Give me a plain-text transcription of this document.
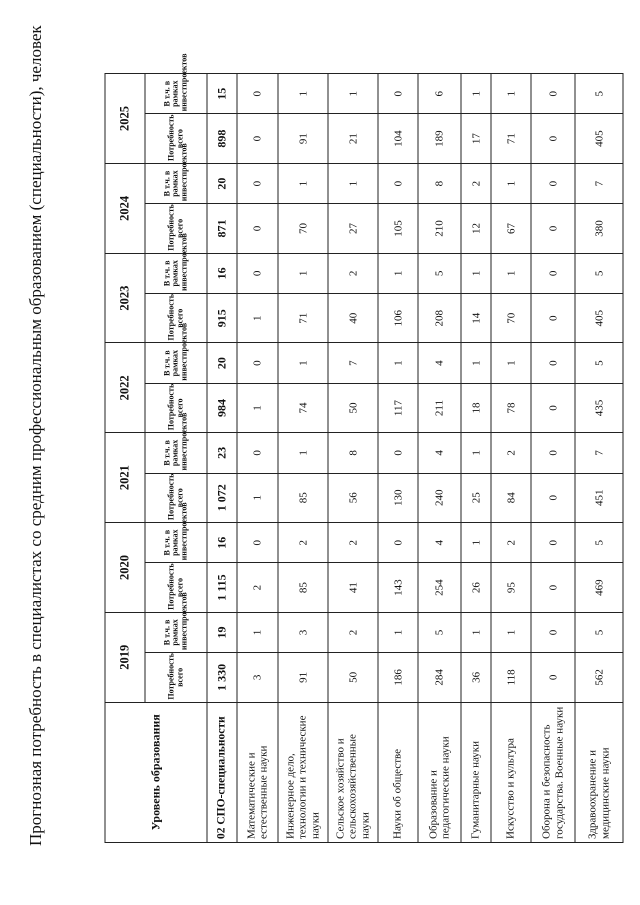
Прогнозная потребность в специалистах со средним профессиональным образованием (специальности), человек	Уровень образования	2019		2020		2021		2022		2023		2024		2025	
	Потребность всего	В т.ч. в рамках инвестпроектов	Потребность всего	В т.ч. в рамках инвестпроектов	Потребность всего	В т.ч. в рамках инвестпроектов	Потребность всего	В т.ч. в рамках инвестпроектов	Потребность всего	В т.ч. в рамках инвестпроектов	Потребность всего	В т.ч. в рамках инвестпроектов	Потребность всего	В т.ч. в рамках инвестпроектов
02 СПО-специальности	1 330	19	1 115	16	1 072	23	984	20	915	16	871	20	898	15
Математические и естественные науки	3	1	2	0	1	0	1	0	1	0	0	0	0	0
Инженерное дело, технологии и технические науки	91	3	85	2	85	1	74	1	71	1	70	1	91	1
Сельское хозяйство и сельскохозяйственные науки	50	2	41	2	56	8	50	7	40	2	27	1	21	1
Науки об обществе	186	1	143	0	130	0	117	1	106	1	105	0	104	0
Образование и педагогические науки	284	5	254	4	240	4	211	4	208	5	210	8	189	6
Гуманитарные науки	36	1	26	1	25	1	18	1	14	1	12	2	17	1
Искусство и культура	118	1	95	2	84	2	78	1	70	1	67	1	71	1
Оборона и безопасность государства. Военные науки	0	0	0	0	0	0	0	0	0	0	0	0	0	0
Здравоохранение и медицинские науки	562	5	469	5	451	7	435	5	405	5	380	7	405	5
